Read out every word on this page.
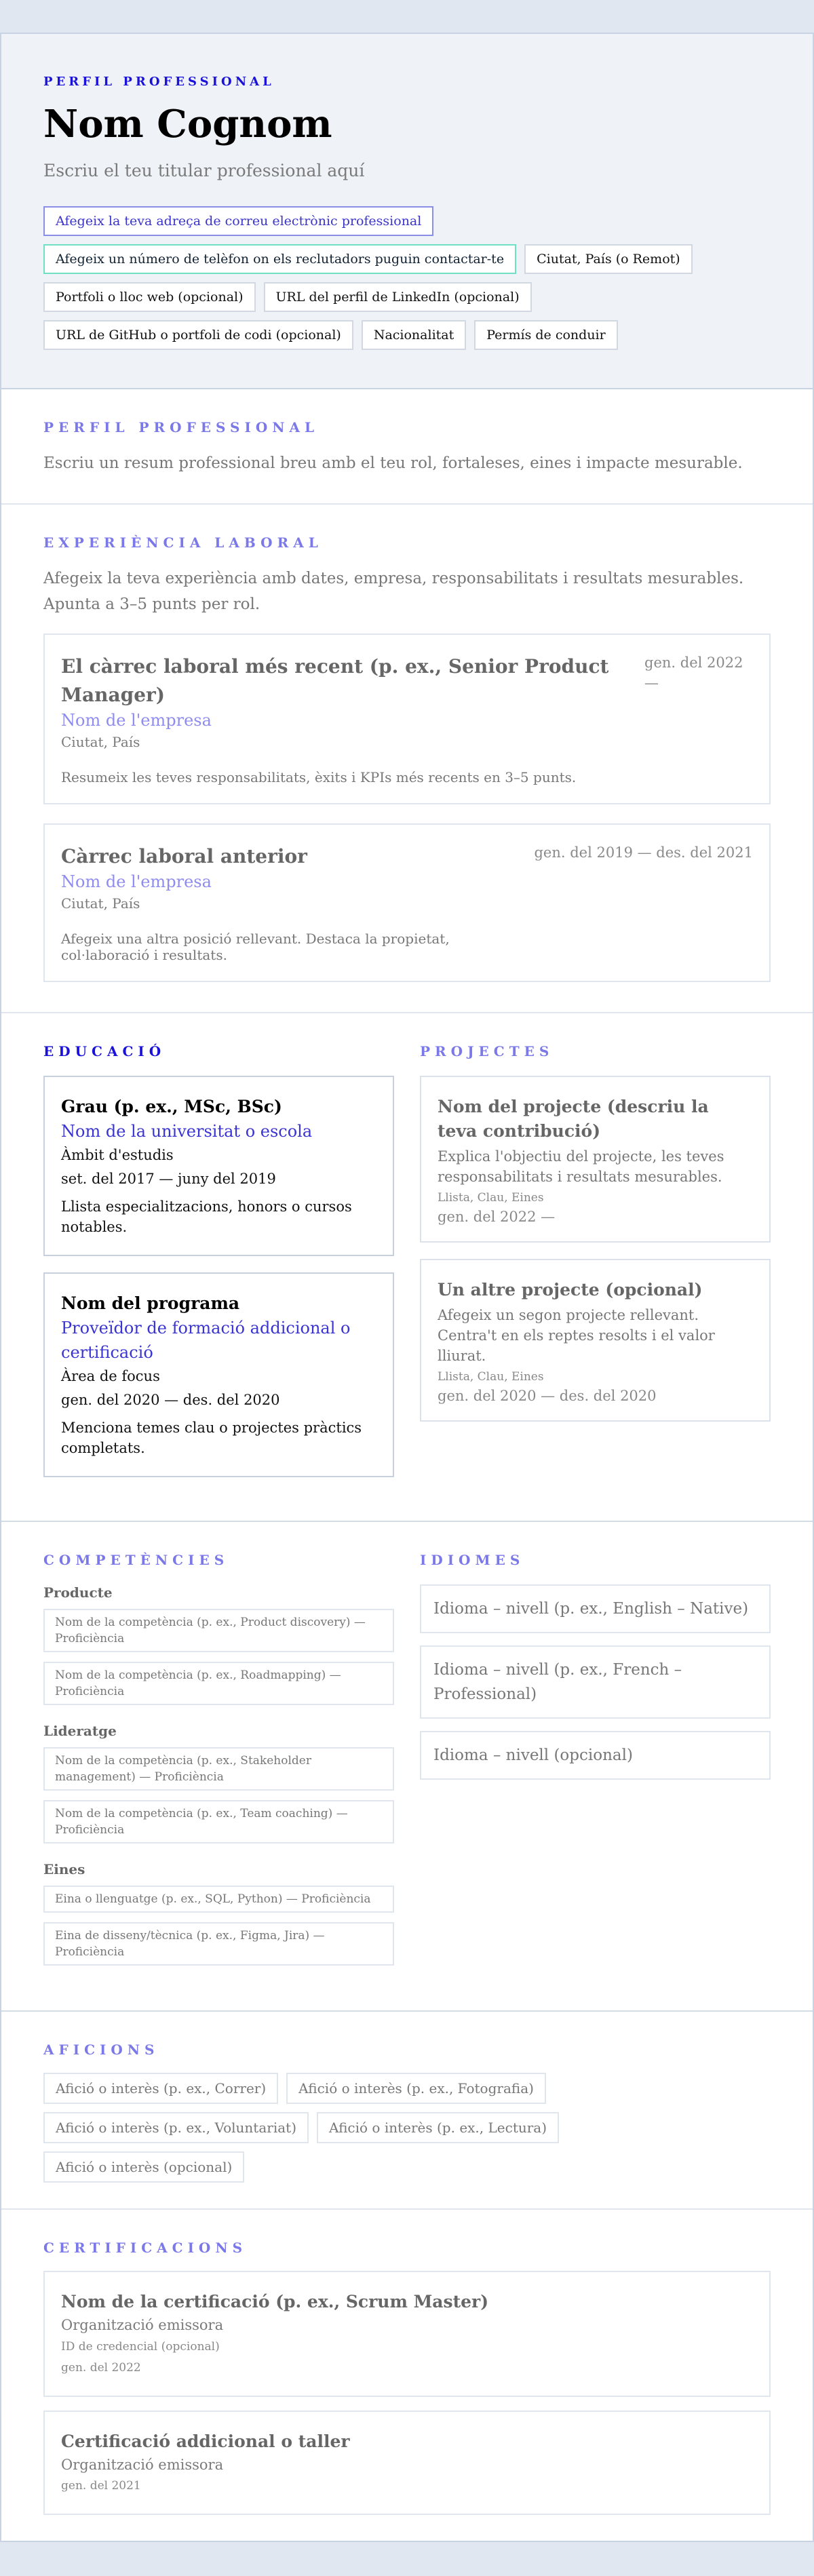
PERFIL PROFESSIONAL
Nom Cognom
Escriu el teu titular professional aquí
Afegeix la teva adreça de correu electrònic professional
Afegeix un número de telèfon on els reclutadors puguin contactar-te	Ciutat, País (o Remot)
Portfoli o lloc web (opcional)	URL del perfil de LinkedIn (opcional)
URL de GitHub o portfoli de codi (opcional)	Nacionalitat	Permís de conduir
PERFIL PROFESSIONAL

Escriu un resum professional breu amb el teu rol, fortaleses, eines i impacte mesurable.

EXPERIÈNCIA LABORAL

Afegeix la teva experiència amb dates, empresa, responsabilitats i resultats mesurables. Apunta a 3–5 punts per rol.

El càrrec laboral més recent (p. ex., Senior Product Manager)
Nom de l'empresa
Ciutat, País
Resumeix les teves responsabilitats, èxits i KPIs més recents en 3–5 punts.
gen. del 2022 —
Càrrec laboral anterior
Nom de l'empresa
Ciutat, País
Afegeix una altra posició rellevant. Destaca la propietat, col·laboració i resultats.
gen. del 2019 — des. del 2021
EDUCACIÓ
Grau (p. ex., MSc, BSc)
Nom de la universitat o escola
Àmbit d'estudis
set. del 2017 — juny del 2019
Llista especialitzacions, honors o cursos notables.
Nom del programa
Proveïdor de formació addicional o certificació
Àrea de focus
gen. del 2020 — des. del 2020
Menciona temes clau o projectes pràctics completats.
PROJECTES
Nom del projecte (descriu la teva contribució)
Explica l'objectiu del projecte, les teves responsabilitats i resultats mesurables.
Llista, Clau, Eines
gen. del 2022 —
Un altre projecte (opcional)
Afegeix un segon projecte rellevant. Centra't en els reptes resolts i el valor lliurat.
Llista, Clau, Eines
gen. del 2020 — des. del 2020
COMPETÈNCIES
Producte
Nom de la competència (p. ex., Product discovery) — Proficiència
Nom de la competència (p. ex., Roadmapping) — Proficiència
Lideratge
Nom de la competència (p. ex., Stakeholder management) — Proficiència
Nom de la competència (p. ex., Team coaching) — Proficiència
Eines
Eina o llenguatge (p. ex., SQL, Python) — Proficiència
Eina de disseny/tècnica (p. ex., Figma, Jira) — Proficiència
IDIOMES
Idioma – nivell (p. ex., English – Native)
Idioma – nivell (p. ex., French – Professional)
Idioma – nivell (opcional)
AFICIONS
Afició o interès (p. ex., Correr)	Afició o interès (p. ex., Fotografia)
Afició o interès (p. ex., Voluntariat)	Afició o interès (p. ex., Lectura)
Afició o interès (opcional)
CERTIFICACIONS
Nom de la certificació (p. ex., Scrum Master)
Organització emissora
ID de credencial (opcional)
gen. del 2022
Certificació addicional o taller
Organització emissora
gen. del 2021
